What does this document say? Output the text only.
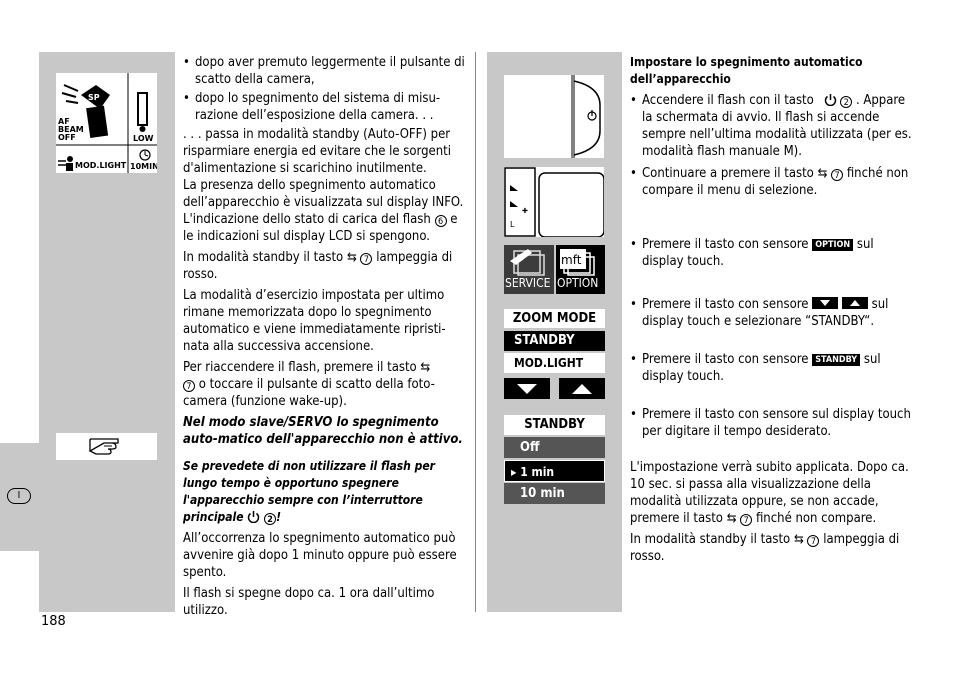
I
188
SP
AF
BEAM
OFF	LOW
MOD.LIGHT 10MIN
• dopo aver premuto leggermente il pulsante di scatto della camera,
• dopo lo spegnimento del sistema di misu-razione dell’esposizione della camera. . .
. . . passa in modalità standby (Auto-OFF) per risparmiare energia ed evitare che le sorgenti d'alimentazione si scarichino inutilmente.
La presenza dello spegnimento automatico dell’apparecchio è visualizzata sul display INFO.
L'indicazione dello stato di carica del flash 6 e le indicazioni sul display LCD si spengono.
In modalità standby il tasto ⇆ 7 lampeggia di rosso.
La modalità d’esercizio impostata per ultimo rimane memorizzata dopo lo spegnimento automatico e viene immediatamente ripristi-nata alla successiva accensione.
Per riaccendere il flash, premere il tasto ⇆
7 o toccare il pulsante di scatto della foto-camera (funzione wake-up).
Nel modo slave/SERVO lo spegnimento auto-matico dell'apparecchio non è attivo.
Se prevedete di non utilizzare il flash per lungo tempo è opportuno spegnere l'apparecchio sempre con l’interruttore principale	2 !
All’occorrenza lo spegnimento automatico può avvenire già dopo 1 minuto oppure può essere spento.
Il flash si spegne dopo ca. 1 ora dall’ultimo utilizzo.
✚
L
SERVICE
mft
OPTION
ZOOM MODE
STANDBY
MOD.LIGHT
STANDBY
Off
▸ 1 min
10 min
Impostare lo spegnimento automatico dell’apparecchio
• Accendere il flash con il tasto	2 . Appare la schermata di avvio. Il flash si accende sempre nell’ultima modalità utilizzata (per es. modalità flash manuale M).
• Continuare a premere il tasto ⇆ 7 finché non compare il menu di selezione.
• Premere il tasto con sensore OPTION sul display touch.
• Premere il tasto con sensore
	sul display touch e selezionare “STANDBY“.
• Premere il tasto con sensore STANDBY sul display touch.
• Premere il tasto con sensore sul display touch per digitare il tempo desiderato.
L'impostazione verrà subito applicata. Dopo ca. 10 sec. si passa alla visualizzazione della modalità utilizzata oppure, se non accade, premere il tasto ⇆ 7 finché non compare.
In modalità standby il tasto ⇆ 7 lampeggia di rosso.
